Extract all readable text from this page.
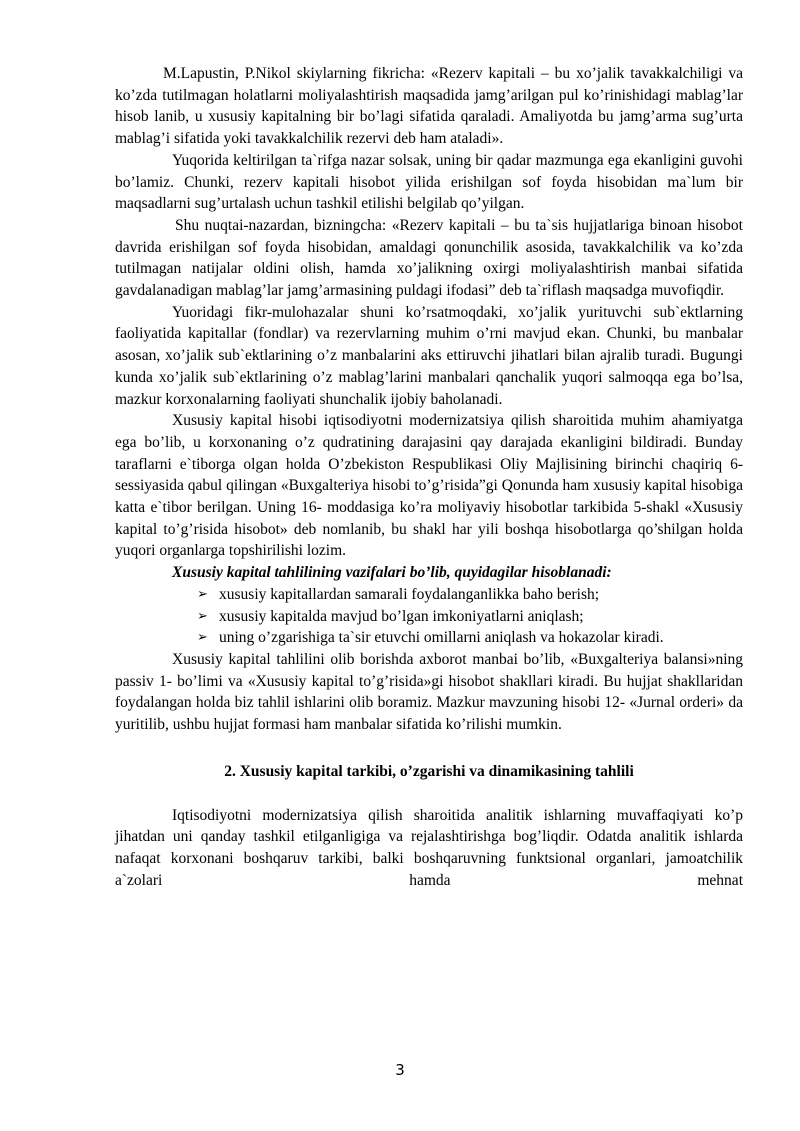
M.Lapustin, P.Nikol skiylarning fikricha: «Rezerv kapitali – bu xo’jalik tavakkalchiligi va ko’zda tutilmagan holatlarni moliyalashtirish maqsadida jamg’arilgan pul ko’rinishidagi mablag’lar hisob lanib, u xususiy kapitalning bir bo’lagi sifatida qaraladi. Amaliyotda bu jamg’arma sug’urta mablag’i sifatida yoki tavakkalchilik rezervi deb ham ataladi».

Yuqorida keltirilgan ta`rifga nazar solsak, uning bir qadar mazmunga ega ekanligini guvohi bo’lamiz. Chunki, rezerv kapitali hisobot yilida erishilgan sof foyda hisobidan ma`lum bir maqsadlarni sug’urtalash uchun tashkil etilishi belgilab qo’yilgan.

Shu nuqtai-nazardan, bizningcha: «Rezerv kapitali – bu ta`sis hujjatlariga binoan hisobot davrida erishilgan sof foyda hisobidan, amaldagi qonunchilik asosida, tavakkalchilik va ko’zda tutilmagan natijalar oldini olish, hamda xo’jalikning oxirgi moliyalashtirish manbai sifatida gavdalanadigan mablag’lar jamg’armasining puldagi ifodasi” deb ta`riflash maqsadga muvofiqdir.

Yuoridagi fikr-mulohazalar shuni ko’rsatmoqdaki, xo’jalik yurituvchi sub`ektlarning faoliyatida kapitallar (fondlar) va rezervlarning muhim o’rni mavjud ekan. Chunki, bu manbalar asosan, xo’jalik sub`ektlarining o’z manbalarini aks ettiruvchi jihatlari bilan ajralib turadi. Bugungi kunda xo’jalik sub`ektlarining o’z mablag’larini manbalari qanchalik yuqori salmoqqa ega bo’lsa, mazkur korxonalarning faoliyati shunchalik ijobiy baholanadi.

Xususiy kapital hisobi iqtisodiyotni modernizatsiya qilish sharoitida muhim ahamiyatga ega bo’lib, u korxonaning o’z qudratining darajasini qay darajada ekanligini bildiradi. Bunday taraflarni e`tiborga olgan holda O’zbekiston Respublikasi Oliy Majlisining birinchi chaqiriq 6-sessiyasida qabul qilingan «Buxgalteriya hisobi to’g’risida”gi Qonunda ham xususiy kapital hisobiga katta e`tibor berilgan. Uning 16- moddasiga ko’ra moliyaviy hisobotlar tarkibida 5-shakl «Xususiy kapital to’g’risida hisobot» deb nomlanib, bu shakl har yili boshqa hisobotlarga qo’shilgan holda yuqori organlarga topshirilishi lozim.

Xususiy kapital tahlilining vazifalari bo’lib, quyidagilar hisoblanadi:

➢ xususiy kapitallardan samarali foydalanganlikka baho berish;
➢ xususiy kapitalda mavjud bo’lgan imkoniyatlarni aniqlash;
➢ uning o’zgarishiga ta`sir etuvchi omillarni aniqlash va hokazolar kiradi.

Xususiy kapital tahlilini olib borishda axborot manbai bo’lib, «Buxgalteriya balansi»ning passiv 1- bo’limi va «Xususiy kapital to’g’risida»gi hisobot shakllari kiradi. Bu hujjat shakllaridan foydalangan holda biz tahlil ishlarini olib boramiz. Mazkur mavzuning hisobi 12- «Jurnal orderi» da yuritilib, ushbu hujjat formasi ham manbalar sifatida ko’rilishi mumkin.

2. Xususiy kapital tarkibi, o’zgarishi va dinamikasining tahlili

Iqtisodiyotni modernizatsiya qilish sharoitida analitik ishlarning muvaffaqiyati ko’p jihatdan uni qanday tashkil etilganligiga va rejalashtirishga bog’liqdir. Odatda analitik ishlarda nafaqat korxonani boshqaruv tarkibi, balki boshqaruvning funktsional organlari, jamoatchilik a`zolari hamda mehnat

3
